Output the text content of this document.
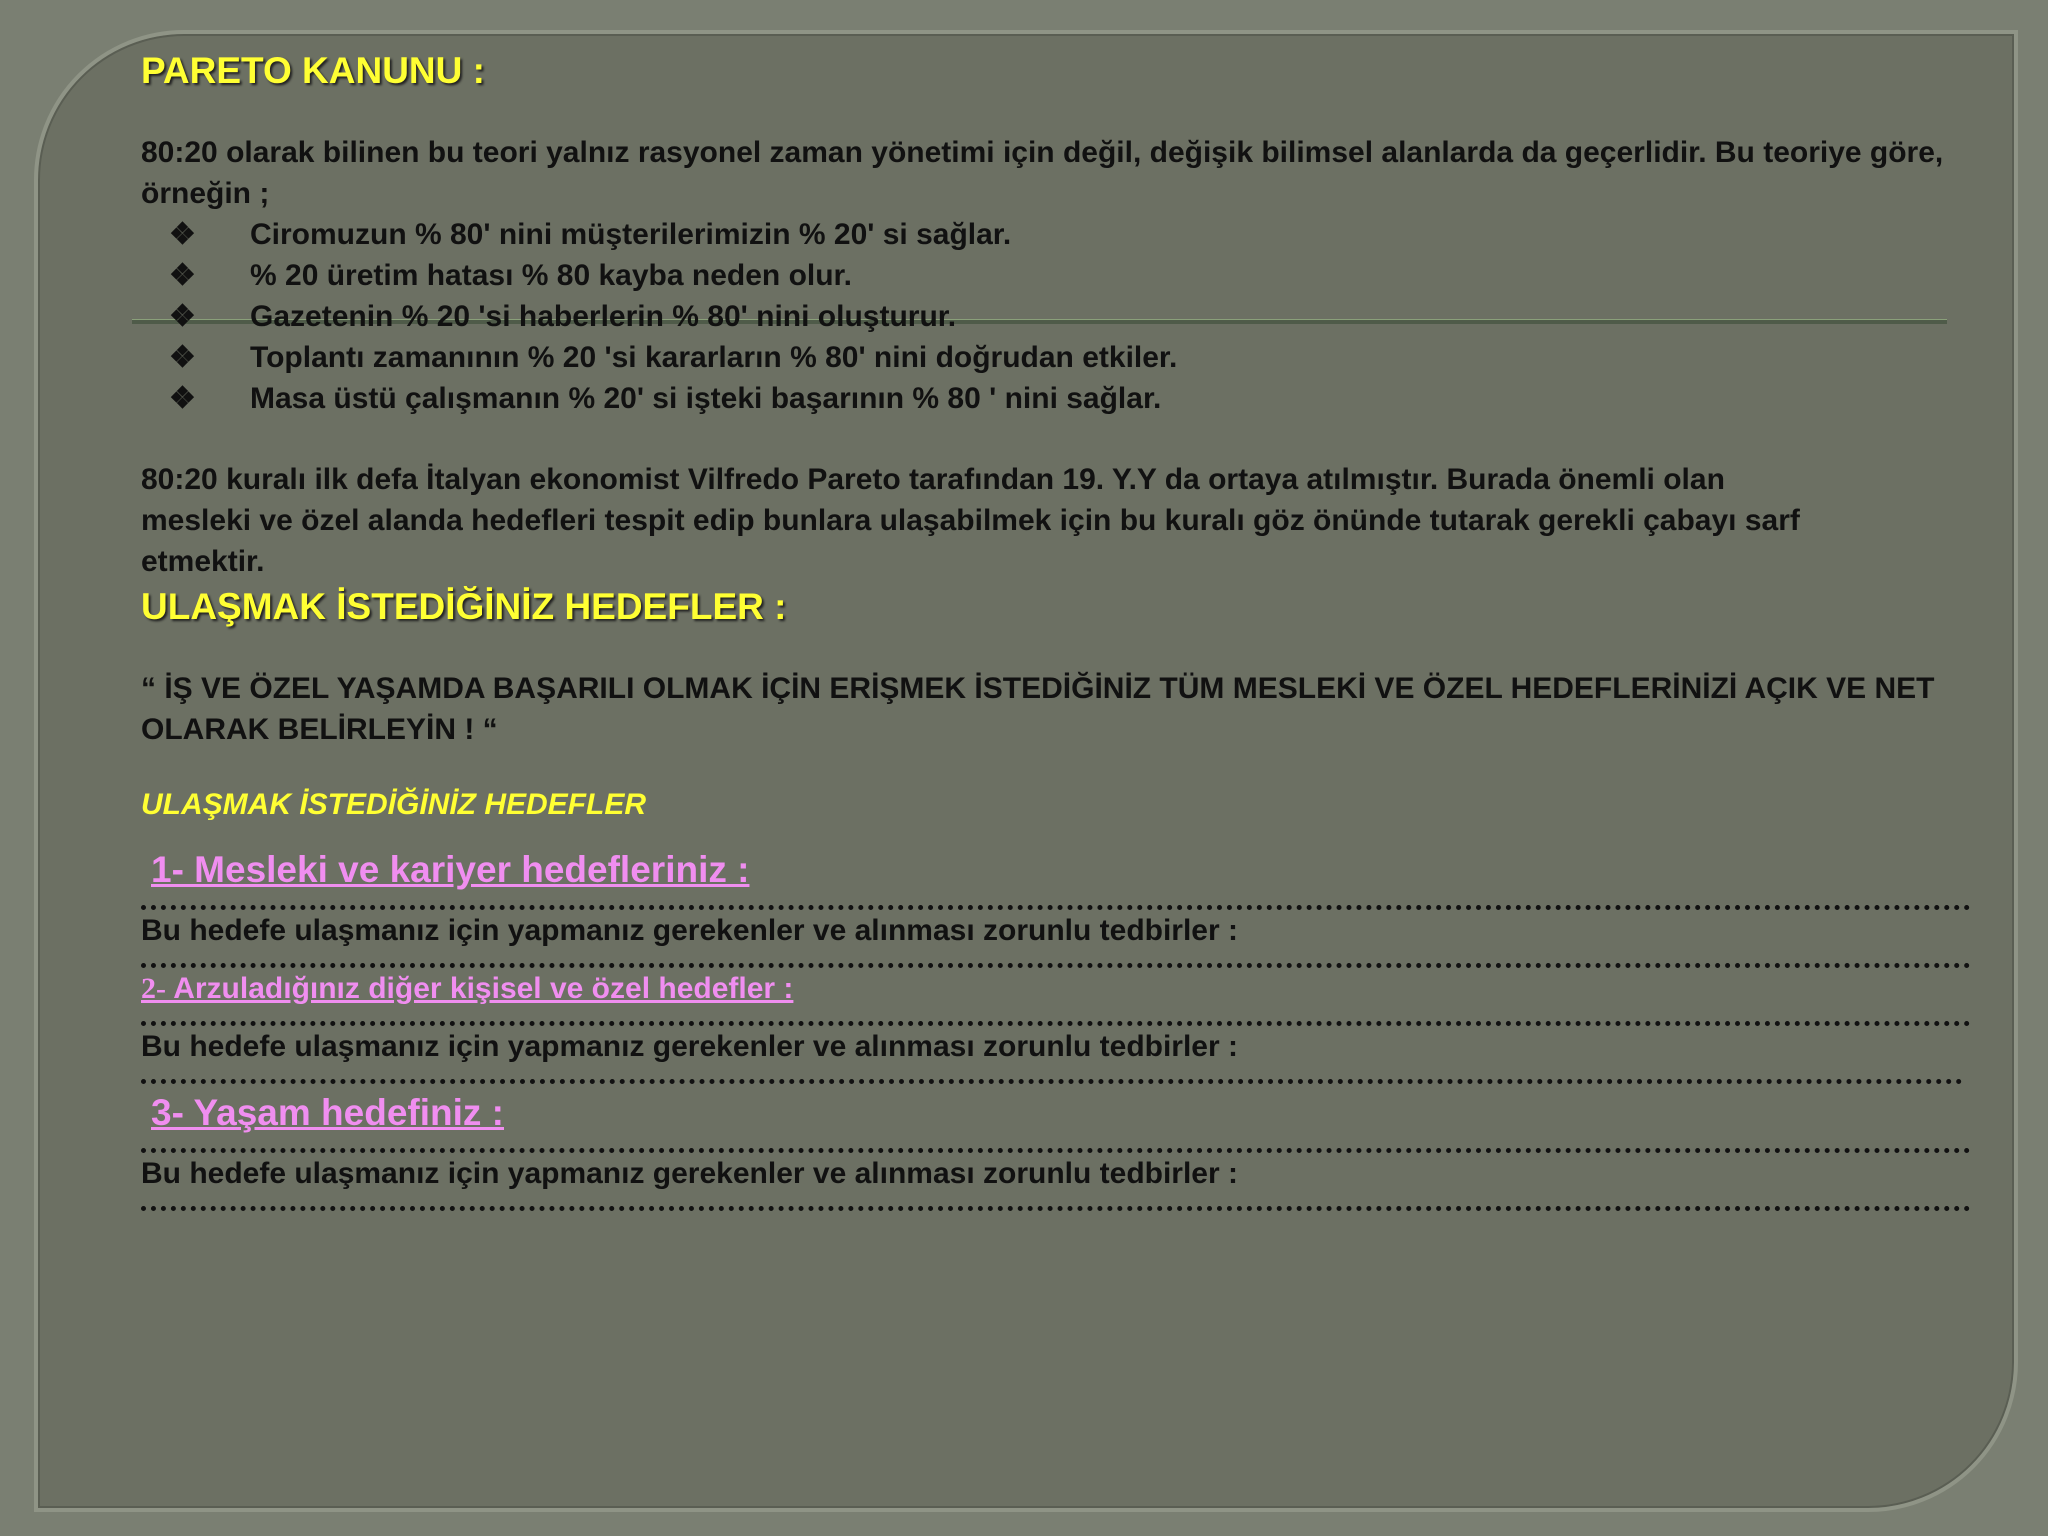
PARETO KANUNU :

80:20 olarak bilinen bu teori yalnız rasyonel zaman yönetimi için değil, değişik bilimsel alanlarda da geçerlidir. Bu teoriye göre, örneğin ;

❖ Ciromuzun % 80' nini müşterilerimizin % 20' si sağlar.
❖ % 20 üretim hatası % 80 kayba neden olur.
❖ Gazetenin % 20 'si haberlerin % 80' nini oluşturur.
❖ Toplantı zamanının % 20 'si kararların % 80' nini doğrudan etkiler.
❖ Masa üstü çalışmanın % 20' si işteki başarının % 80 ' nini sağlar.

80:20 kuralı ilk defa İtalyan ekonomist Vilfredo Pareto tarafından 19. Y.Y da ortaya atılmıştır. Burada önemli olan mesleki ve özel alanda hedefleri tespit edip bunlara ulaşabilmek için bu kuralı göz önünde tutarak gerekli çabayı sarf etmektir.

ULAŞMAK İSTEDİĞİNİZ HEDEFLER :

“ İŞ VE ÖZEL YAŞAMDA BAŞARILI OLMAK İÇİN ERİŞMEK İSTEDİĞİNİZ TÜM MESLEKİ VE ÖZEL HEDEFLERİNİZİ AÇIK VE NET OLARAK BELİRLEYİN ! “

ULAŞMAK İSTEDİĞİNİZ HEDEFLER

1- Mesleki ve kariyer hedefleriniz :

Bu hedefe ulaşmanız için yapmanız gerekenler ve alınması zorunlu tedbirler :

2- Arzuladığınız diğer kişisel ve özel hedefler :

Bu hedefe ulaşmanız için yapmanız gerekenler ve alınması zorunlu tedbirler :

3- Yaşam hedefiniz :

Bu hedefe ulaşmanız için yapmanız gerekenler ve alınması zorunlu tedbirler :
